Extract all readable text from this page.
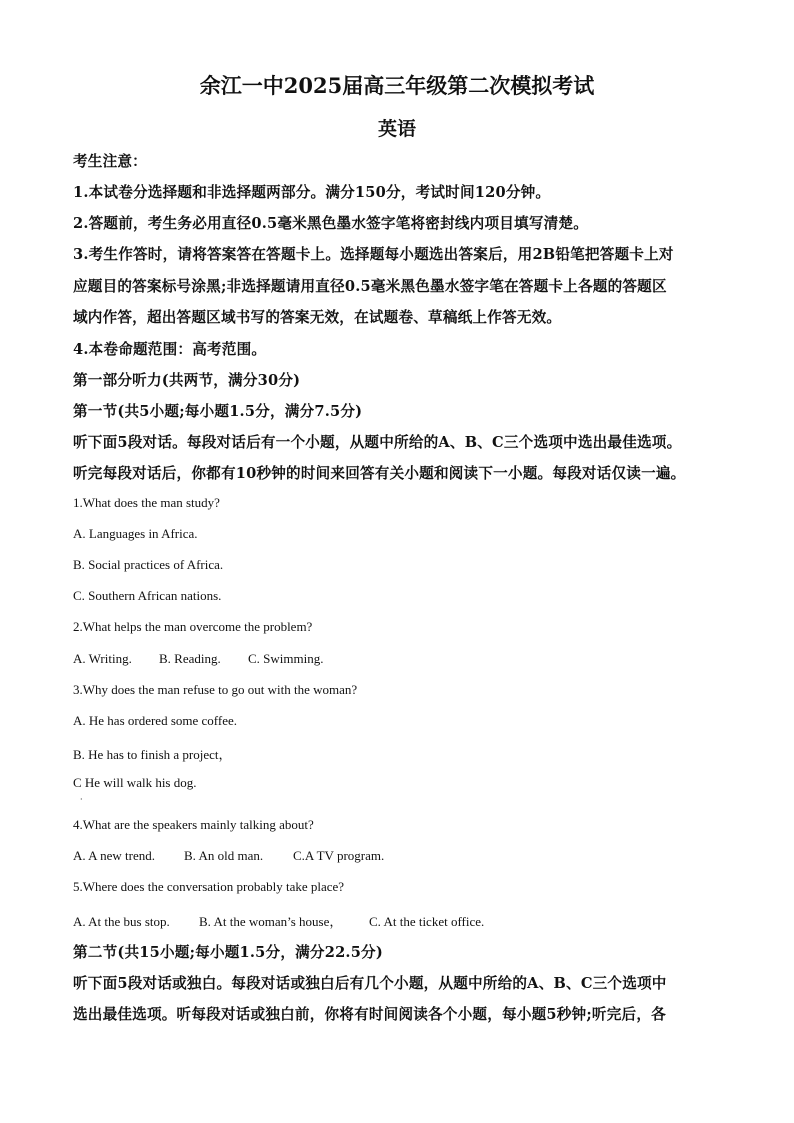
余江一中2025届高三年级第二次模拟考试
英语
考生注意：
1.本试卷分选择题和非选择题两部分。满分150分，考试时间120分钟。
2.答题前，考生务必用直径0.5毫米黑色墨水签字笔将密封线内项目填写清楚。
3.考生作答时，请将答案答在答题卡上。选择题每小题选出答案后，用2B铅笔把答题卡上对
应题目的答案标号涂黑;非选择题请用直径0.5毫米黑色墨水签字笔在答题卡上各题的答题区
域内作答，超出答题区域书写的答案无效，在试题卷、草稿纸上作答无效。
4.本卷命题范围：高考范围。
第一部分听力(共两节，满分30分)
第一节(共5小题;每小题1.5分，满分7.5分)
听下面5段对话。每段对话后有一个小题，从题中所给的A、B、C三个选项中选出最佳选项。
听完每段对话后，你都有10秒钟的时间来回答有关小题和阅读下一小题。每段对话仅读一遍。
1.What does the man study?
A. Languages in Africa.
B. Social practices of Africa.
C. Southern African nations.
2.What helps the man overcome the problem?
A. Writing. B. Reading. C. Swimming.
3.Why does the man refuse to go out with the woman?
A. He has ordered some coffee.
B. He has to finish a project，
C He will walk his dog.
·
4.What are the speakers mainly talking about?
A. A new trend. B. An old man. C.A TV program.
5.Where does the conversation probably take place?
A. At the bus stop. B. At the woman’s house， C. At the ticket office.
第二节(共15小题;每小题1.5分，满分22.5分)
听下面5段对话或独白。每段对话或独白后有几个小题，从题中所给的A、B、C三个选项中
选出最佳选项。听每段对话或独白前，你将有时间阅读各个小题，每小题5秒钟;听完后，各
